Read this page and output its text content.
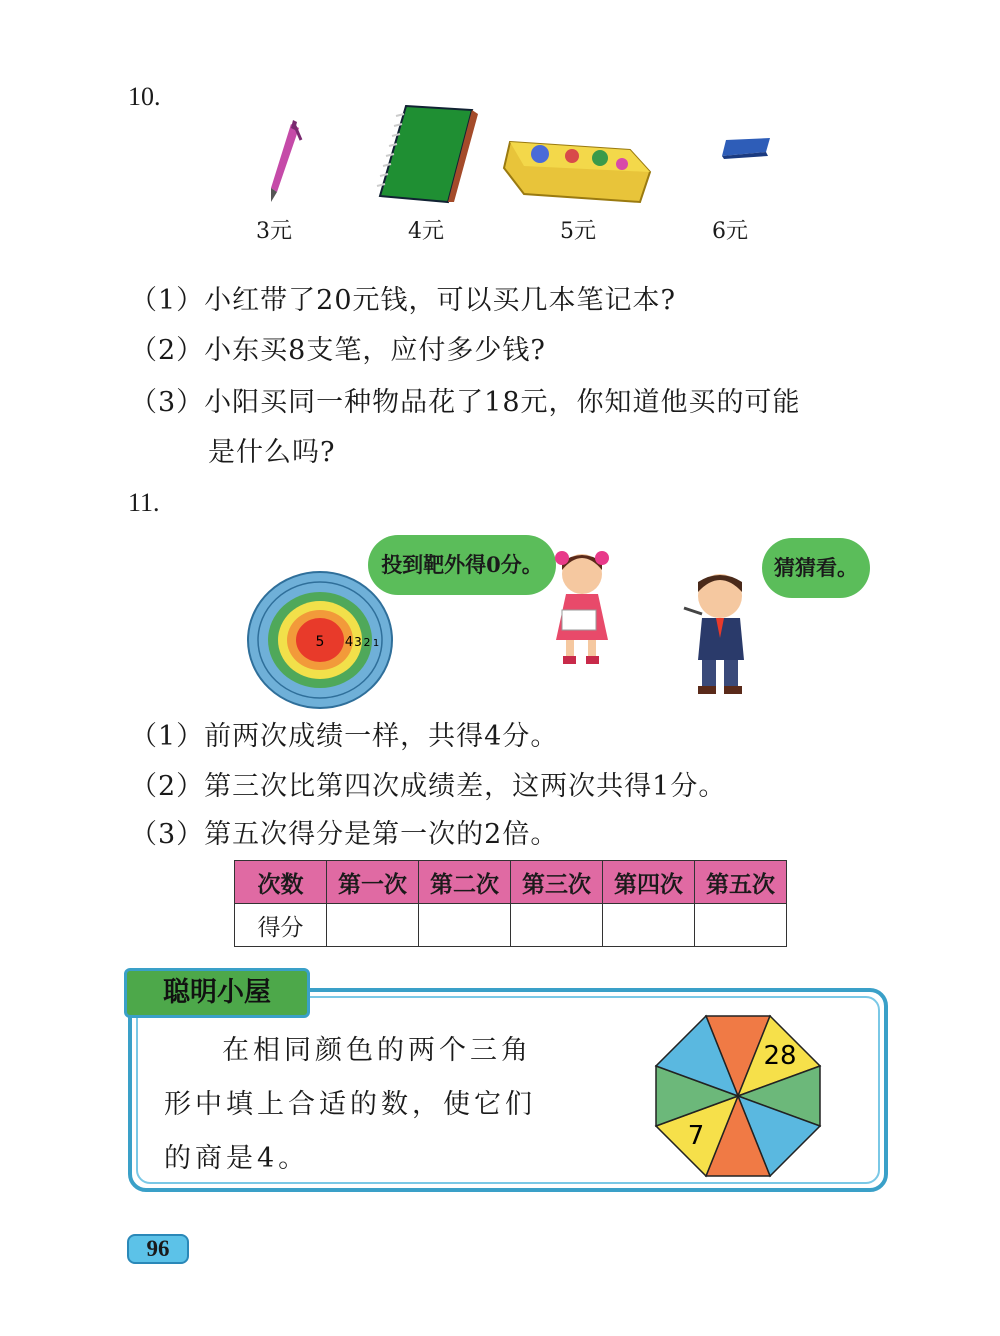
10.
3元	4元	5元	6元
（1）小红带了20元钱，可以买几本笔记本?
（2）小东买8支笔，应付多少钱?
（3）小阳买同一种物品花了18元，你知道他买的可能
是什么吗?
11.
5 4 3 2 1
投到靶外得0分。	猜猜看。
（1）前两次成绩一样，共得4分。
（2）第三次比第四次成绩差，这两次共得1分。
（3）第五次得分是第一次的2倍。
次数	第一次	第二次	第三次	第四次	第五次
得分					
聪明小屋
在相同颜色的两个三角
形中填上合适的数，使它们
的商是4。
28
7
96
